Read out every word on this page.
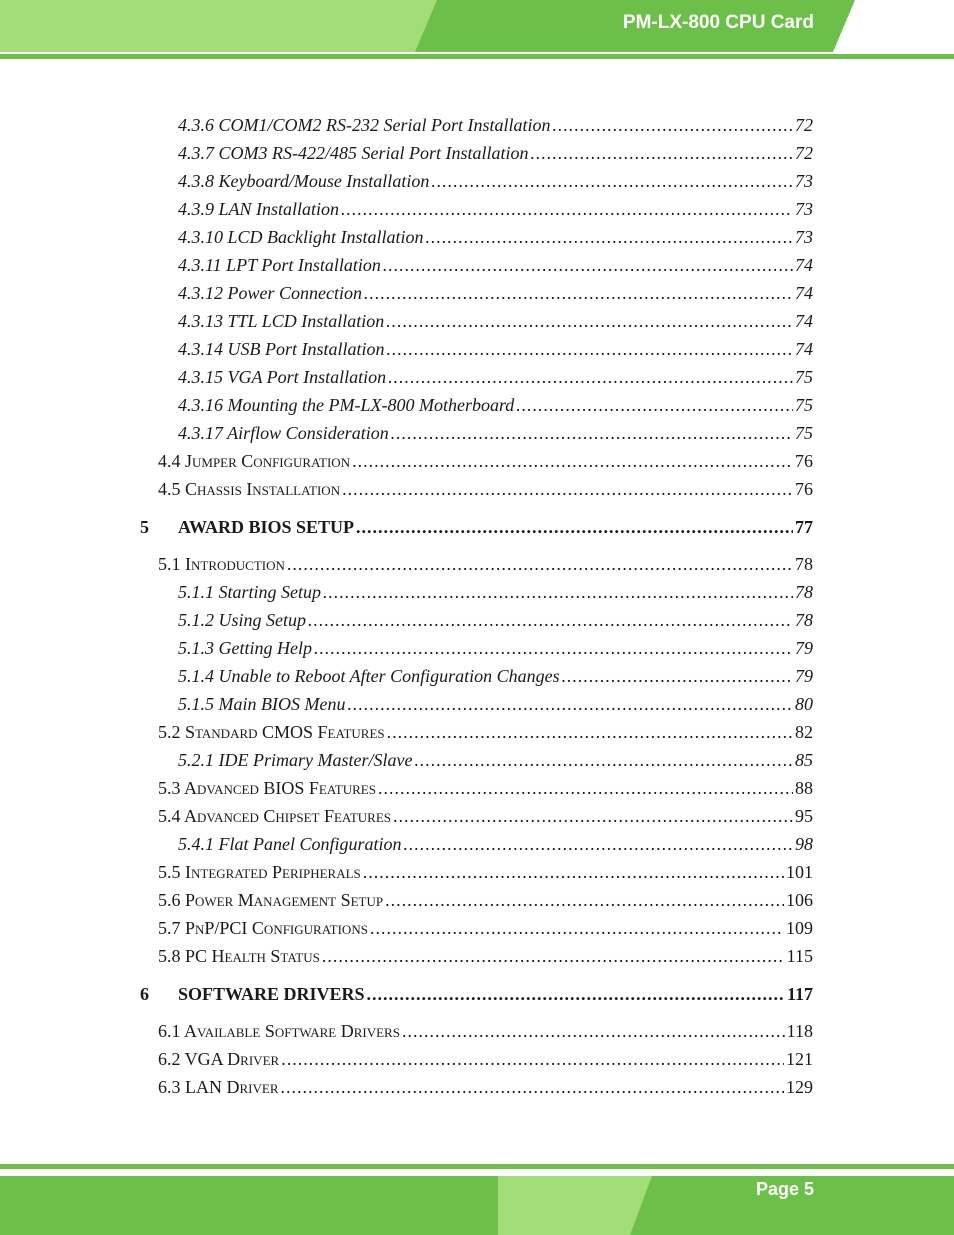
PM-LX-800 CPU Card
4.3.6 COM1/COM2 RS-232 Serial Port Installation .....	72
4.3.7 COM3 RS-422/485 Serial Port Installation .....	72
4.3.8 Keyboard/Mouse Installation .....	73
4.3.9 LAN Installation .....	73
4.3.10 LCD Backlight Installation .....	73
4.3.11 LPT Port Installation .....	74
4.3.12 Power Connection .....	74
4.3.13 TTL LCD Installation .....	74
4.3.14 USB Port Installation .....	74
4.3.15 VGA Port Installation .....	75
4.3.16 Mounting the PM-LX-800 Motherboard .....	75
4.3.17 Airflow Consideration .....	75
4.4 Jumper Configuration .....	76
4.5 Chassis Installation .....	76
5	AWARD BIOS SETUP .....	77
5.1 Introduction .....	78
5.1.1 Starting Setup .....	78
5.1.2 Using Setup .....	78
5.1.3 Getting Help .....	79
5.1.4 Unable to Reboot After Configuration Changes .....	79
5.1.5 Main BIOS Menu .....	80
5.2 Standard CMOS Features .....	82
5.2.1 IDE Primary Master/Slave .....	85
5.3 Advanced BIOS Features .....	88
5.4 Advanced Chipset Features .....	95
5.4.1 Flat Panel Configuration .....	98
5.5 Integrated Peripherals .....	101
5.6 Power Management Setup .....	106
5.7 PnP/PCI Configurations .....	109
5.8 PC Health Status .....	115
6	SOFTWARE DRIVERS .....	117
6.1 Available Software Drivers .....	118
6.2 VGA Driver .....	121
6.3 LAN Driver .....	129
Page 5
